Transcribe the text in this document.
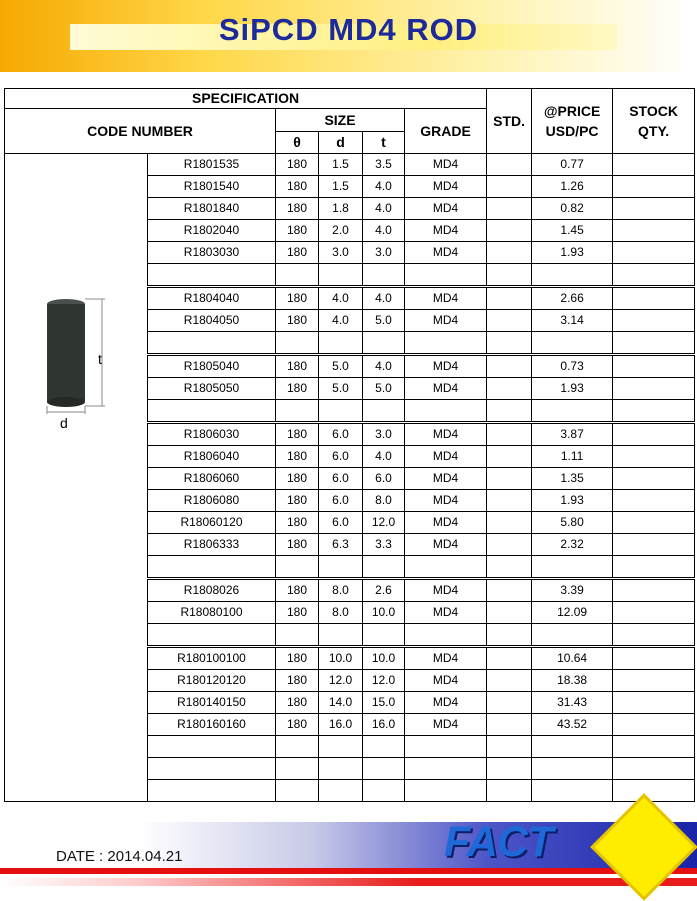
SiPCD MD4 ROD
SPECIFICATION						STD.	@PRICE USD/PC	STOCK QTY.
CODE NUMBER		SIZE			GRADE			
		θ	d	t				

t
d	R1801535	180	1.5	3.5	MD4		0.77	
	R1801540	180	1.5	4.0	MD4		1.26	
	R1801840	180	1.8	4.0	MD4		0.82	
	R1802040	180	2.0	4.0	MD4		1.45	
	R1803030	180	3.0	3.0	MD4		1.93	

	R1804040	180	4.0	4.0	MD4		2.66	
	R1804050	180	4.0	5.0	MD4		3.14	

	R1805040	180	5.0	4.0	MD4		0.73	
	R1805050	180	5.0	5.0	MD4		1.93	

	R1806030	180	6.0	3.0	MD4		3.87	
	R1806040	180	6.0	4.0	MD4		1.11	
	R1806060	180	6.0	6.0	MD4		1.35	
	R1806080	180	6.0	8.0	MD4		1.93	
	R18060120	180	6.0	12.0	MD4		5.80	
	R1806333	180	6.3	3.3	MD4		2.32	

	R1808026	180	8.0	2.6	MD4		3.39	
	R18080100	180	8.0	10.0	MD4		12.09	

	R180100100	180	10.0	10.0	MD4		10.64	
	R180120120	180	12.0	12.0	MD4		18.38	
	R180140150	180	14.0	15.0	MD4		31.43	
	R180160160	180	16.0	16.0	MD4		43.52	

DATE : 2014.04.21	FACT
